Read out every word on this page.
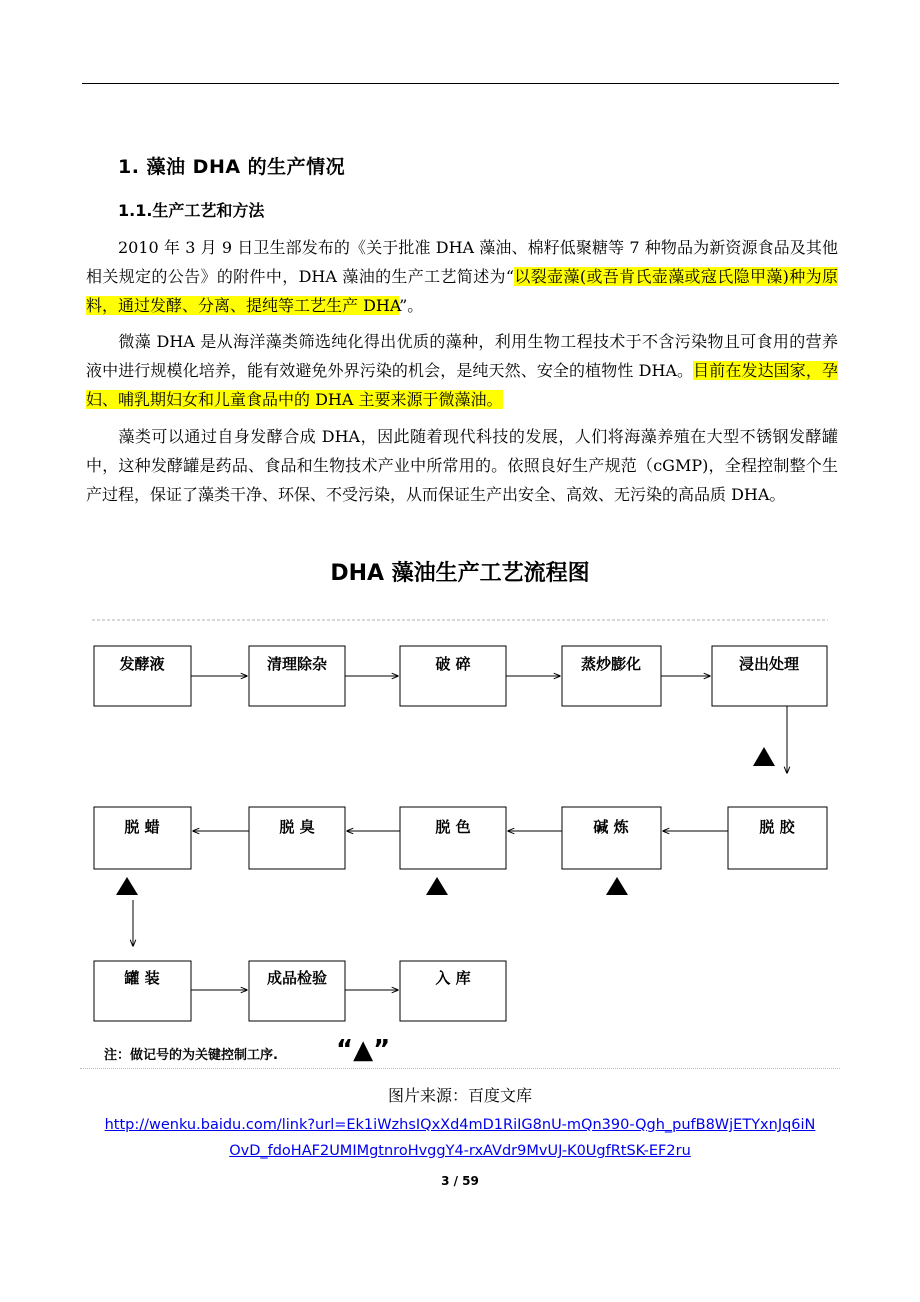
1. 藻油 DHA 的生产情况
1.1.生产工艺和方法
2010 年 3 月 9 日卫生部发布的《关于批准 DHA 藻油、棉籽低聚糖等 7 种物品为新资源食品及其他相关规定的公告》的附件中，DHA 藻油的生产工艺简述为“以裂壶藻(或吾肯氏壶藻或寇氏隐甲藻)种为原料，通过发酵、分离、提纯等工艺生产 DHA”。
微藻 DHA 是从海洋藻类筛选纯化得出优质的藻种，利用生物工程技术于不含污染物且可食用的营养液中进行规模化培养，能有效避免外界污染的机会，是纯天然、安全的植物性 DHA。目前在发达国家，孕妇、哺乳期妇女和儿童食品中的 DHA 主要来源于微藻油。
藻类可以通过自身发酵合成 DHA，因此随着现代科技的发展，人们将海藻养殖在大型不锈钢发酵罐中，这种发酵罐是药品、食品和生物技术产业中所常用的。依照良好生产规范（cGMP)，全程控制整个生产过程，保证了藻类干净、环保、不受污染，从而保证生产出安全、高效、无污染的高品质 DHA。
DHA 藻油生产工艺流程图
发酵液	清理除杂	破 碎	蒸炒膨化	浸出处理
脱 蜡	脱 臭	脱 色	碱 炼	脱 胶
罐 装	成品检验	入 库
注：做记号的为关键控制工序. “▲”
图片来源：百度文库
http://wenku.baidu.com/link?url=Ek1iWzhsIQxXd4mD1RiIG8nU-mQn390-Qgh_pufB8WjETYxnJq6iN
OvD_fdoHAF2UMIMgtnroHvggY4-rxAVdr9MvUJ-K0UgfRtSK-EF2ru
3 / 59
